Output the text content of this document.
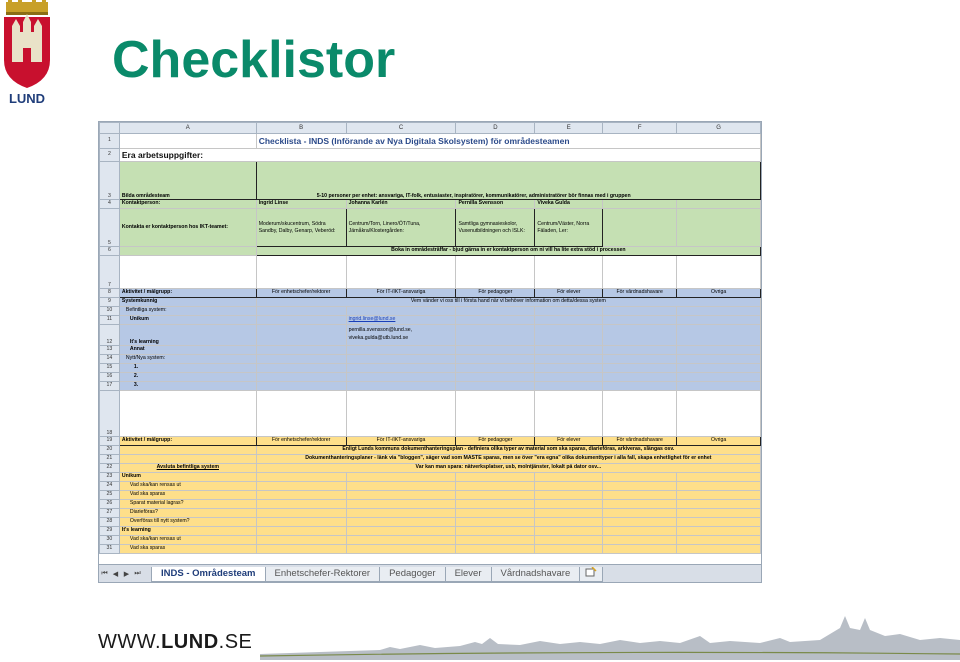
LUND
Checklistor
	A	B	C	D	E	F	G
1		Checklista - INDS (Införande av Nya Digitala Skolsystem) för områdesteamen					
2	Era arbetsuppgifter:						
3	Bilda områdesteam	5-10 personer per enhet: ansvariga, IT-folk, entusiaster, inspiratörer, kommunikatörer, administratörer bör finnas med i gruppen					
4	Kontaktperson:	Ingrid Linse	Johanna Karlén	Pernilla Svensson	Viveka Gulda		
5	Kontakta er kontaktperson hos IKT-teamet:	Moderum/skucentrum, Södra Sandby, Dalby, Genarp, Veberöd:	Centrum/Torn, Linero/ÖT/Tuna, Järnåkra/Klostergården:	Samtliga gymnasieskolor, Vuxenutbildningen och ISLK:	Centrum/Väster, Norra Fäladen, Ler:		
6		Boka in områdesträffar - bjud gärna in er kontaktperson om ni vill ha lite extra stöd i processen					
7							
8	Aktivitet / målgrupp:	För enhetschefer/rektorer	För IT-/IKT-ansvariga	För pedagoger	För elever	För vårdnadshavare	Övriga
9	Systemkunnig	Vem vänder vi oss till i första hand när vi behöver information om detta/dessa system					
10	Befintliga system:						
11	Unikum		ingrid.linse@lund.se				
12	It's learning		pernilla.svensson@lund.se,
viveka.gulda@utb.lund.se				

13	Annat						
14	Nytt/Nya system:						
15	1.						
16	2.						
17	3.						
18							
19	Aktivitet / målgrupp:	För enhetschefer/rektorer	För IT-/IKT-ansvariga	För pedagoger	För elever	För vårdnadshavare	Övriga
20		Enligt Lunds kommuns dokumenthanteringsplan - definiera olika typer av material som ska sparas, diarieföras, arkiveras, slängas osv.					
21		Dokumenthanteringsplaner - länk via "bloggen", säger vad som MÅSTE sparas, men se över "era egna" olika dokumenttyper i alla fall, skapa enhetlighet för er enhet					
22	Avsluta befintliga system	Var kan man spara: nätverksplatser, usb, molntjänster, lokalt på dator osv...					
23	Unikum						
24	Vad ska/kan rensas ut						
25	Vad ska sparas						
26	Sparat material lagras?						
27	Diarieföras?						
28	Överföras till nytt system?						
29	It's learning						
30	Vad ska/kan rensas ut						
31	Vad ska sparas						
⏮ ◀ ▶ ⏭	INDS - Områdesteam	Enhetschefer-Rektorer	Pedagoger	Elever	Vårdnadshavare
WWW.LUND.SE
